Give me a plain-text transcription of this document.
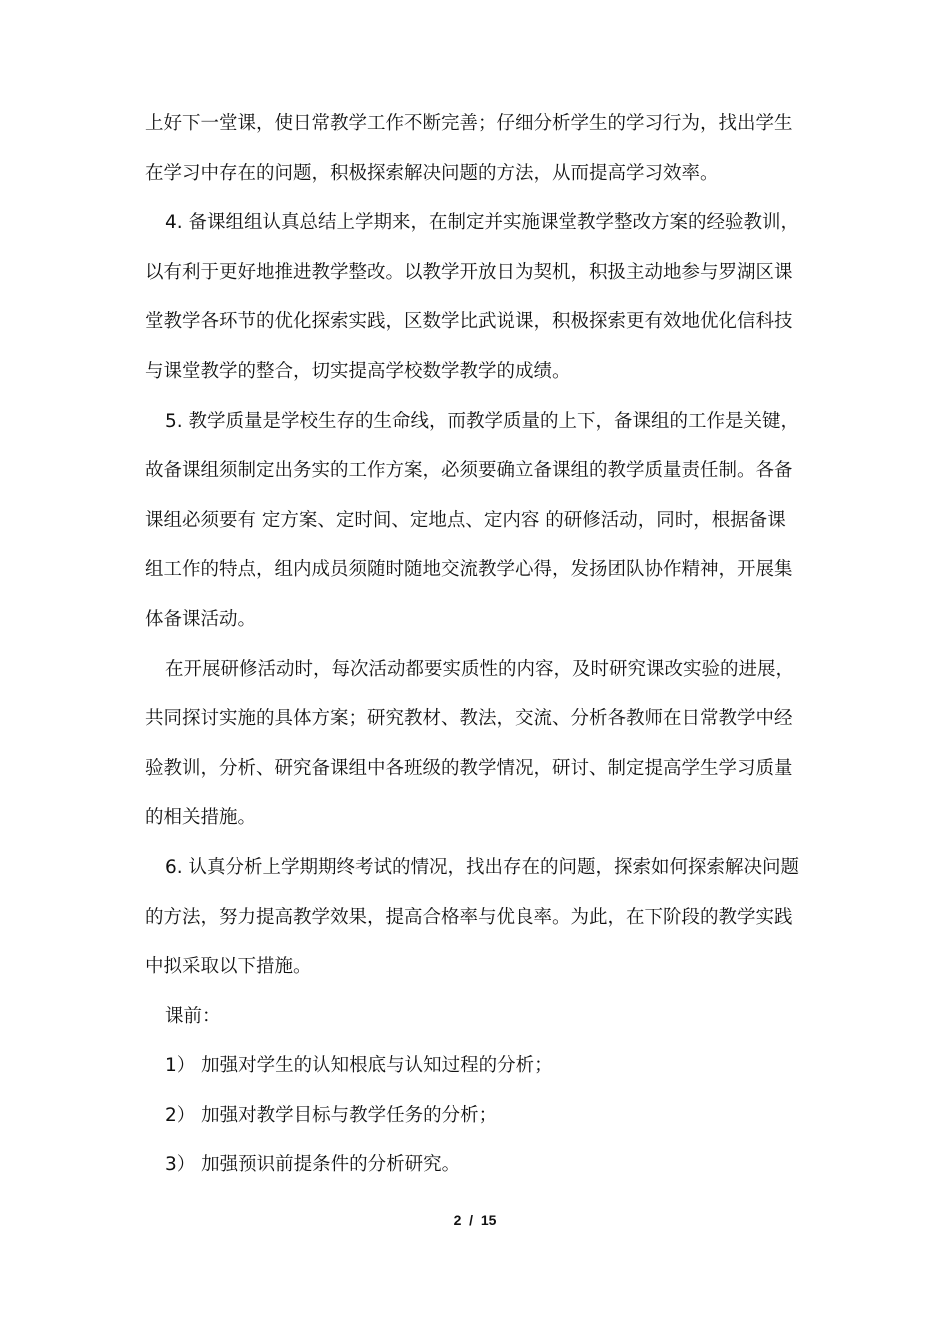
上好下一堂课，使日常教学工作不断完善；仔细分析学生的学习行为，找出学生
在学习中存在的问题，积极探索解决问题的方法，从而提高学习效率。
4. 备课组组认真总结上学期来，在制定并实施课堂教学整改方案的经验教训，
以有利于更好地推进教学整改。以教学开放日为契机，积扱主动地参与罗湖区课
堂教学各环节的优化探索实践，区数学比武说课，积极探索更有效地优化信科技
与课堂教学的整合，切实提高学校数学教学的成绩。
5. 教学质量是学校生存的生命线，而教学质量的上下，备课组的工作是关键，
故备课组须制定出务实的工作方案，必须要确立备课组的教学质量责任制。各备
课组必须要有 定方案、定时间、定地点、定内容 的研修活动，同时，根据备课
组工作的特点，组内成员须随时随地交流教学心得，发扬团队协作精神，开展集
体备课活动。
在开展研修活动时，每次活动都要实质性的内容，及时研究课改实验的进展，
共同探讨实施的具体方案；研究教材、教法，交流、分析各教师在日常教学中经
验教训，分析、研究备课组中各班级的教学情况，研讨、制定提高学生学习质量
的相关措施。
6. 认真分析上学期期终考试的情况，找出存在的问题，探索如何探索解决问题
的方法，努力提高教学效果，提高合格率与优良率。为此，在下阶段的教学实践
中拟采取以下措施。
课前：
1） 加强对学生的认知根底与认知过程的分析；
2） 加强对教学目标与教学任务的分析；
3） 加强预识前提条件的分析研究。
2  /  15
